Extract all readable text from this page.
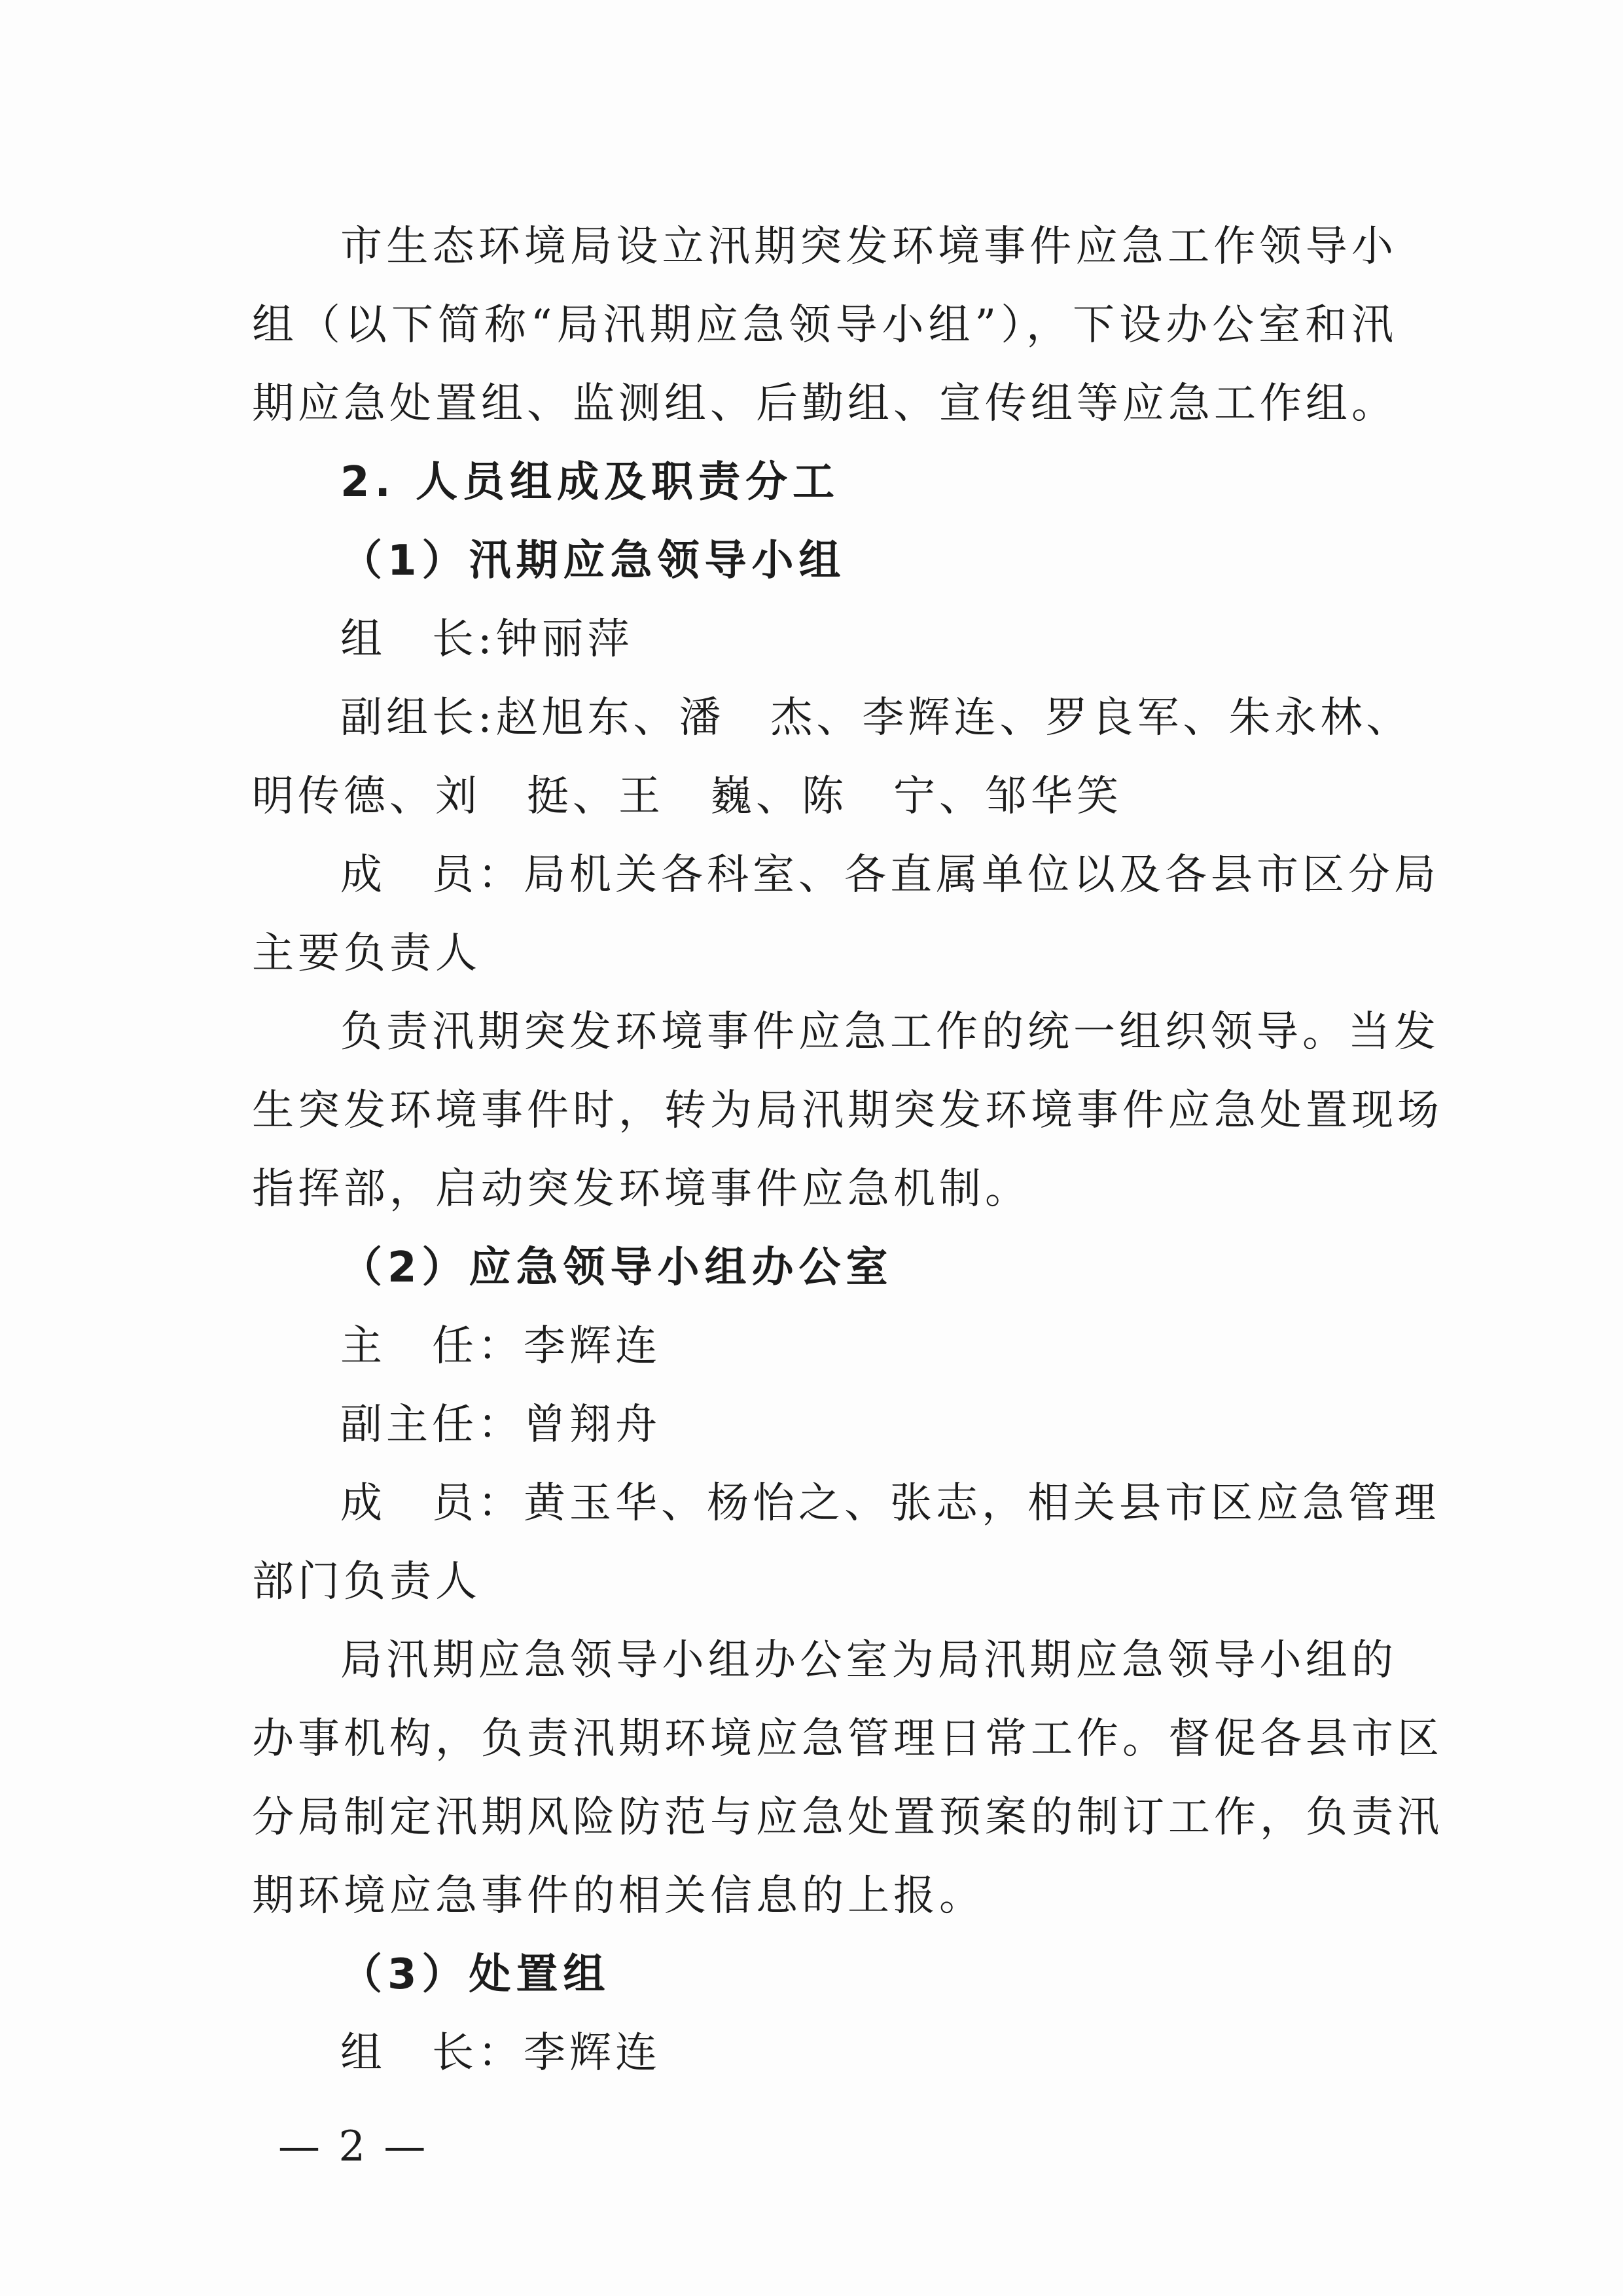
市生态环境局设立汛期突发环境事件应急工作领导小
组（以下简称“局汛期应急领导小组”），下设办公室和汛
期应急处置组、监测组、后勤组、宣传组等应急工作组。
2. 人员组成及职责分工
（1）汛期应急领导小组
组　长:钟丽萍
副组长:赵旭东、潘　杰、李辉连、罗良军、朱永林、
明传德、刘　挺、王　巍、陈　宁、邹华笑
成　员：局机关各科室、各直属单位以及各县市区分局
主要负责人
负责汛期突发环境事件应急工作的统一组织领导。当发
生突发环境事件时，转为局汛期突发环境事件应急处置现场
指挥部，启动突发环境事件应急机制。
（2）应急领导小组办公室
主　任：李辉连
副主任：曾翔舟
成　员：黄玉华、杨怡之、张志，相关县市区应急管理
部门负责人
局汛期应急领导小组办公室为局汛期应急领导小组的
办事机构，负责汛期环境应急管理日常工作。督促各县市区
分局制定汛期风险防范与应急处置预案的制订工作，负责汛
期环境应急事件的相关信息的上报。
（3）处置组
组　长：李辉连
— 2 —
